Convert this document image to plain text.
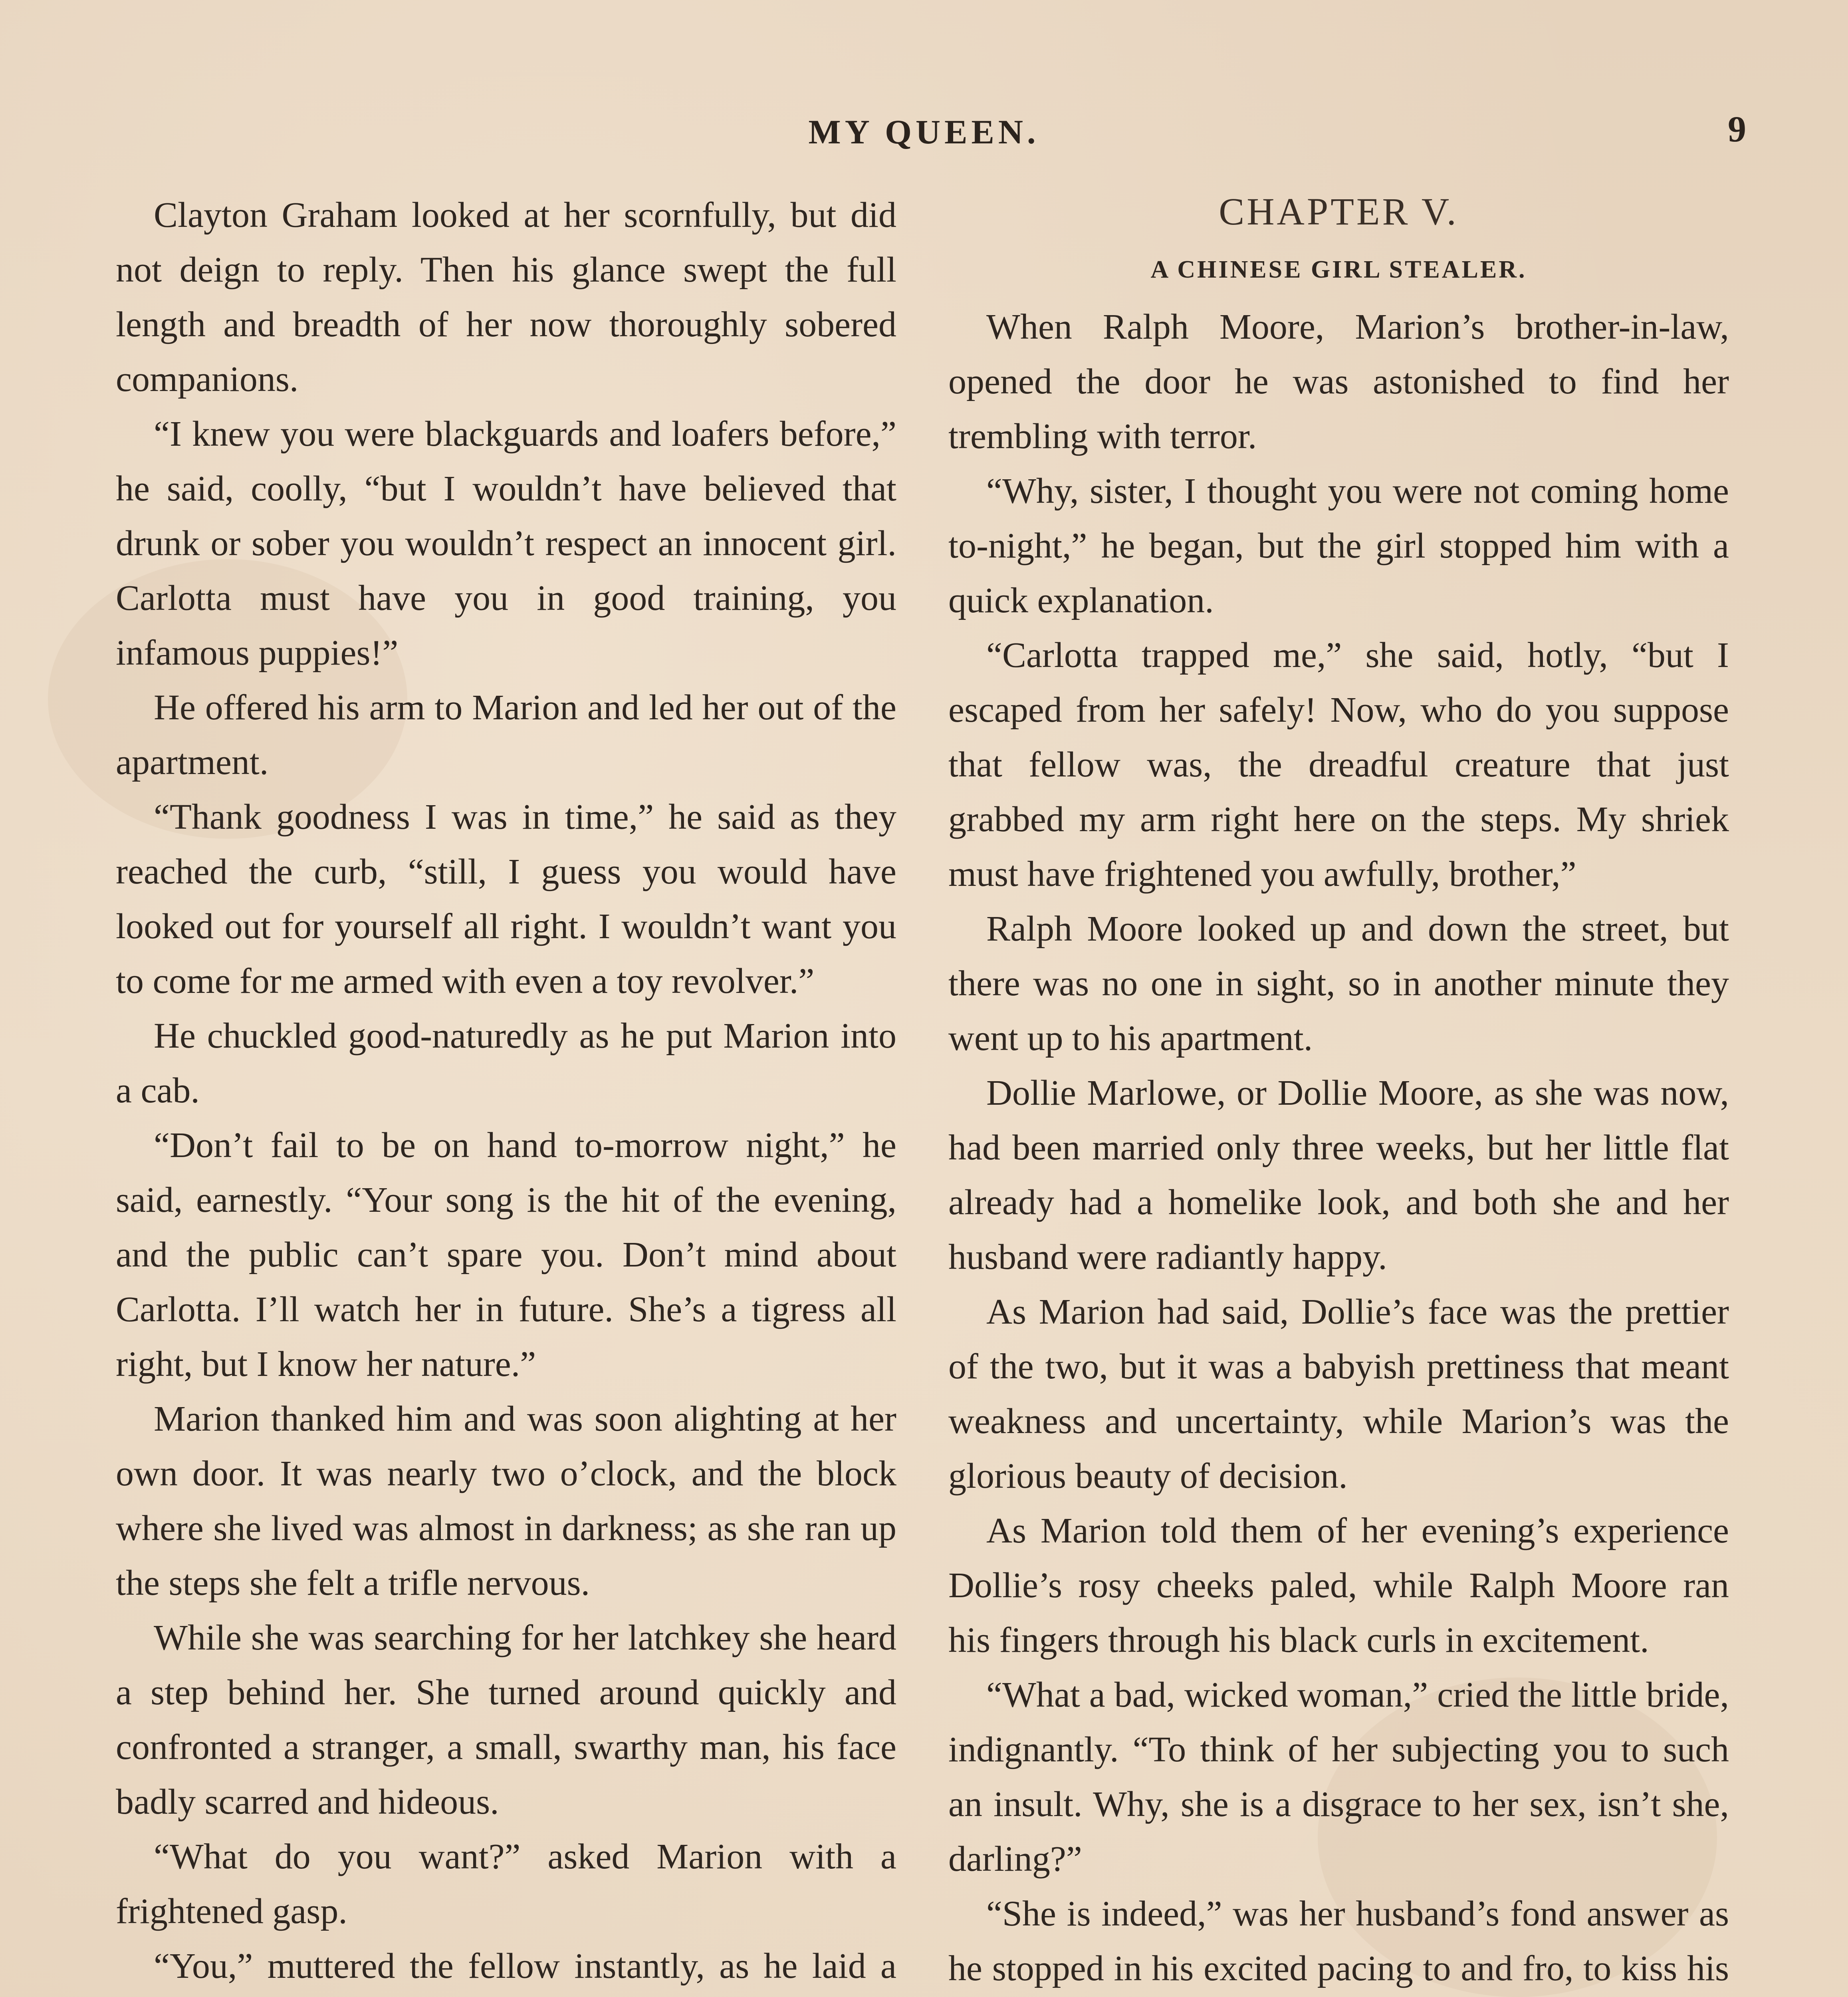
MY QUEEN.	9

Clayton Graham looked at her scornfully, but did not deign to reply. Then his glance swept the full length and breadth of her now thoroughly sobered companions.

“I knew you were blackguards and loafers before,” he said, coolly, “but I wouldn’t have believed that drunk or sober you wouldn’t respect an innocent girl. Carlotta must have you in good training, you infamous puppies!”

He offered his arm to Marion and led her out of the apartment.

“Thank goodness I was in time,” he said as they reached the curb, “still, I guess you would have looked out for yourself all right. I wouldn’t want you to come for me armed with even a toy revolver.”

He chuckled good-naturedly as he put Marion into a cab.

“Don’t fail to be on hand to-morrow night,” he said, earnestly. “Your song is the hit of the evening, and the public can’t spare you. Don’t mind about Carlotta. I’ll watch her in future. She’s a tigress all right, but I know her nature.”

Marion thanked him and was soon alighting at her own door. It was nearly two o’clock, and the block where she lived was almost in darkness; as she ran up the steps she felt a trifle nervous.

While she was searching for her latchkey she heard a step behind her. She turned around quickly and confronted a stranger, a small, swarthy man, his face badly scarred and hideous.

“What do you want?” asked Marion with a frightened gasp.

“You,” muttered the fellow instantly, as he laid a

CHAPTER V.
A CHINESE GIRL STEALER.

When Ralph Moore, Marion’s brother-in-law, opened the door he was astonished to find her trembling with terror.

“Why, sister, I thought you were not coming home to-night,” he began, but the girl stopped him with a quick explanation.

“Carlotta trapped me,” she said, hotly, “but I escaped from her safely! Now, who do you suppose that fellow was, the dreadful creature that just grabbed my arm right here on the steps. My shriek must have frightened you awfully, brother,”

Ralph Moore looked up and down the street, but there was no one in sight, so in another minute they went up to his apartment.

Dollie Marlowe, or Dollie Moore, as she was now, had been married only three weeks, but her little flat already had a homelike look, and both she and her husband were radiantly happy.

As Marion had said, Dollie’s face was the prettier of the two, but it was a babyish prettiness that meant weakness and uncertainty, while Marion’s was the glorious beauty of decision.

As Marion told them of her evening’s experience Dollie’s rosy cheeks paled, while Ralph Moore ran his fingers through his black curls in excitement.

“What a bad, wicked woman,” cried the little bride, indignantly. “To think of her subjecting you to such an insult. Why, she is a disgrace to her sex, isn’t she, darling?”

“She is indeed,” was her husband’s fond answer as he stopped in his excited pacing to and fro, to kiss his
